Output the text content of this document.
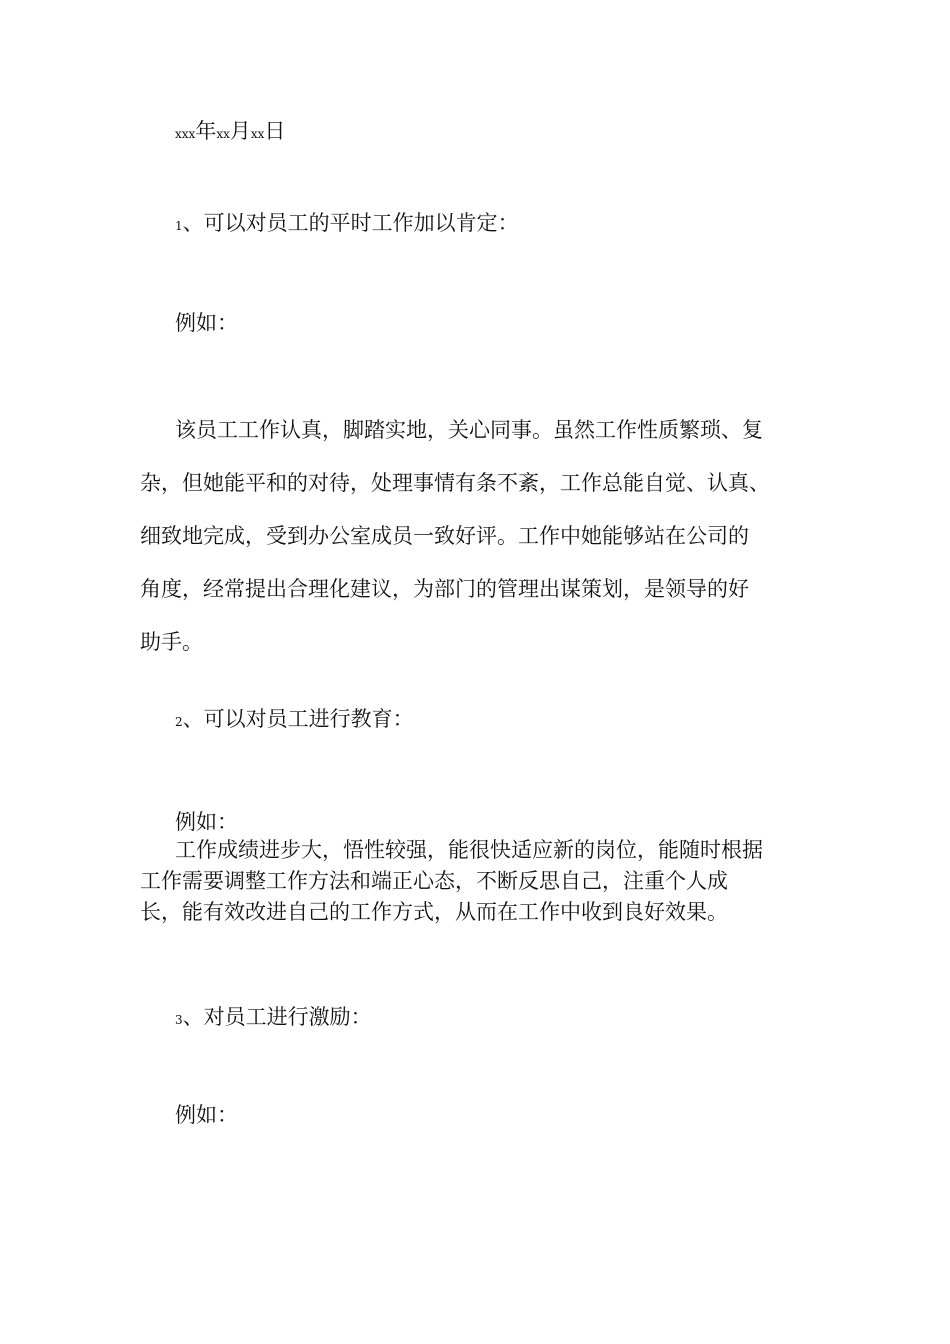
xxx年xx月xx日
1、可以对员工的平时工作加以肯定：
例如：

该员工工作认真，脚踏实地，关心同事。虽然工作性质繁琐、复

杂，但她能平和的对待，处理事情有条不紊，工作总能自觉、认真、

细致地完成，受到办公室成员一致好评。工作中她能够站在公司的

角度，经常提出合理化建议，为部门的管理出谋策划，是领导的好

助手。

2、可以对员工进行教育：
例如：

工作成绩进步大，悟性较强，能很快适应新的岗位，能随时根据

工作需要调整工作方法和端正心态，不断反思自己，注重个人成

长，能有效改进自己的工作方式，从而在工作中收到良好效果。

3、对员工进行激励：
例如：
